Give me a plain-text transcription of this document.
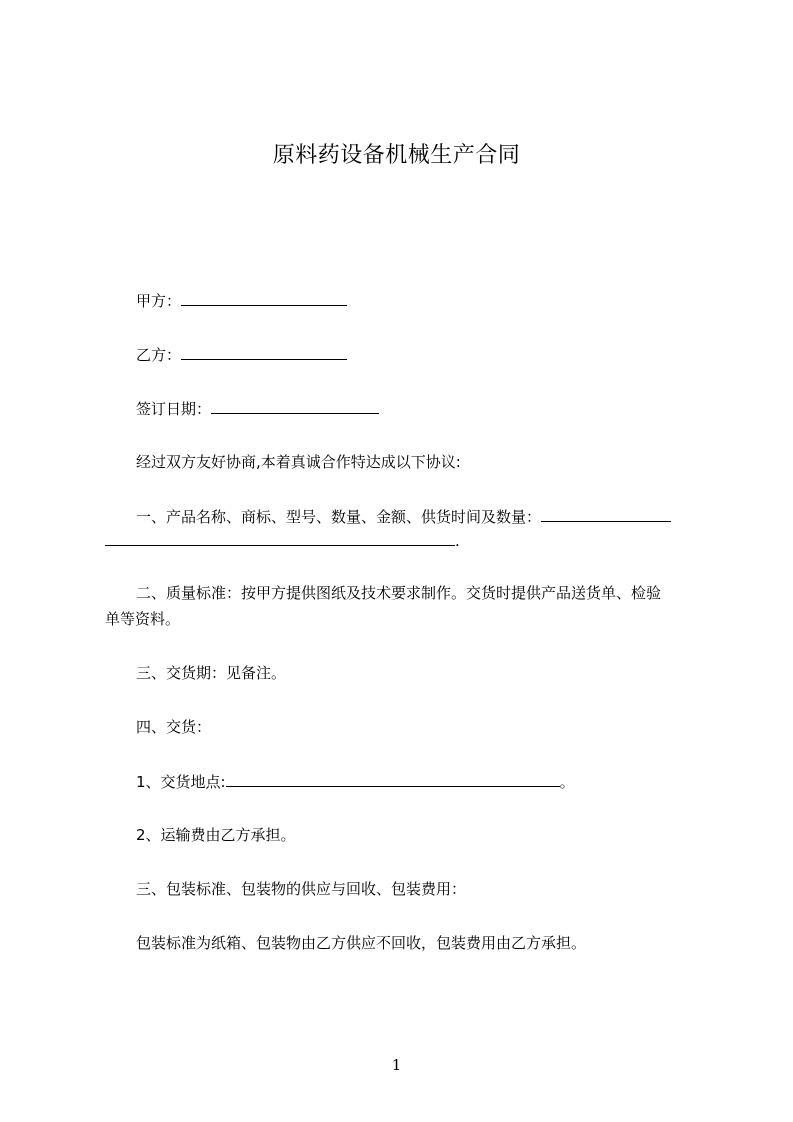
原料药设备机械生产合同
甲方：
乙方：
签订日期：
经过双方友好协商,本着真诚合作特达成以下协议:
一、产品名称、商标、型号、数量、金额、供货时间及数量：
.
二、质量标准：按甲方提供图纸及技术要求制作。交货时提供产品送货单、检验
单等资料。
三、交货期：见备注。
四、交货：
1、交货地点:	。
2、运输费由乙方承担。
三、包装标准、包装物的供应与回收、包装费用：
包装标准为纸箱、包装物由乙方供应不回收，包装费用由乙方承担。
1
